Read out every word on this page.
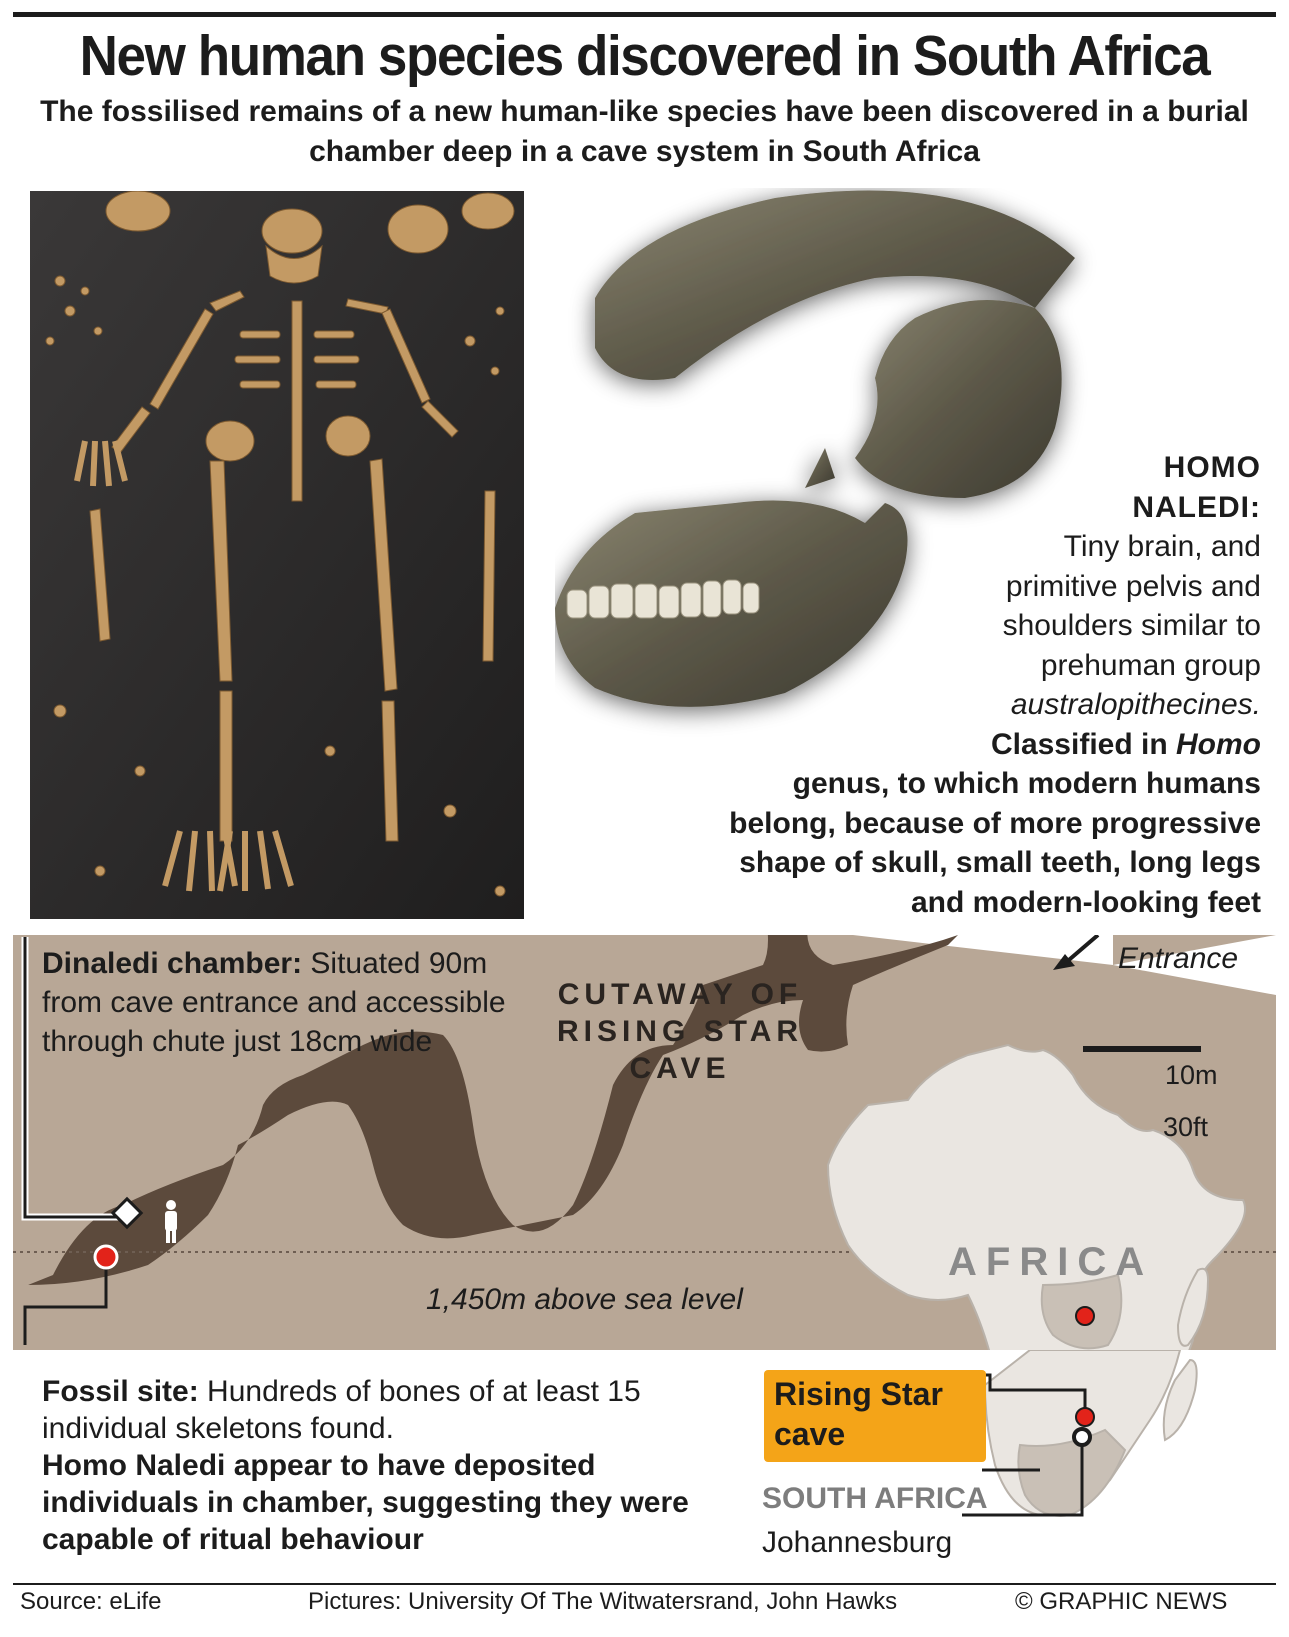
New human species discovered in South Africa
The fossilised remains of a new human-like species have been discovered in a burial chamber deep in a cave system in South Africa
HOMO
NALEDI:
Tiny brain, and
primitive pelvis and
shoulders similar to
prehuman group
australopithecines.
Classified in Homo
genus, to which modern humans
belong, because of more progressive
shape of skull, small teeth, long legs
and modern-looking feet
Dinaledi chamber: Situated 90m from cave entrance and accessible through chute just 18cm wide
CUTAWAY OF RISING STAR CAVE
Entrance
10m
30ft
1,450m above sea level
AFRICA
Fossil site: Hundreds of bones of at least 15 individual skeletons found.
Homo Naledi appear to have deposited individuals in chamber, suggesting they were capable of ritual behaviour
Rising Star cave
SOUTH AFRICA
Johannesburg
Source: eLife	Pictures: University Of The Witwatersrand, John Hawks	© GRAPHIC NEWS
